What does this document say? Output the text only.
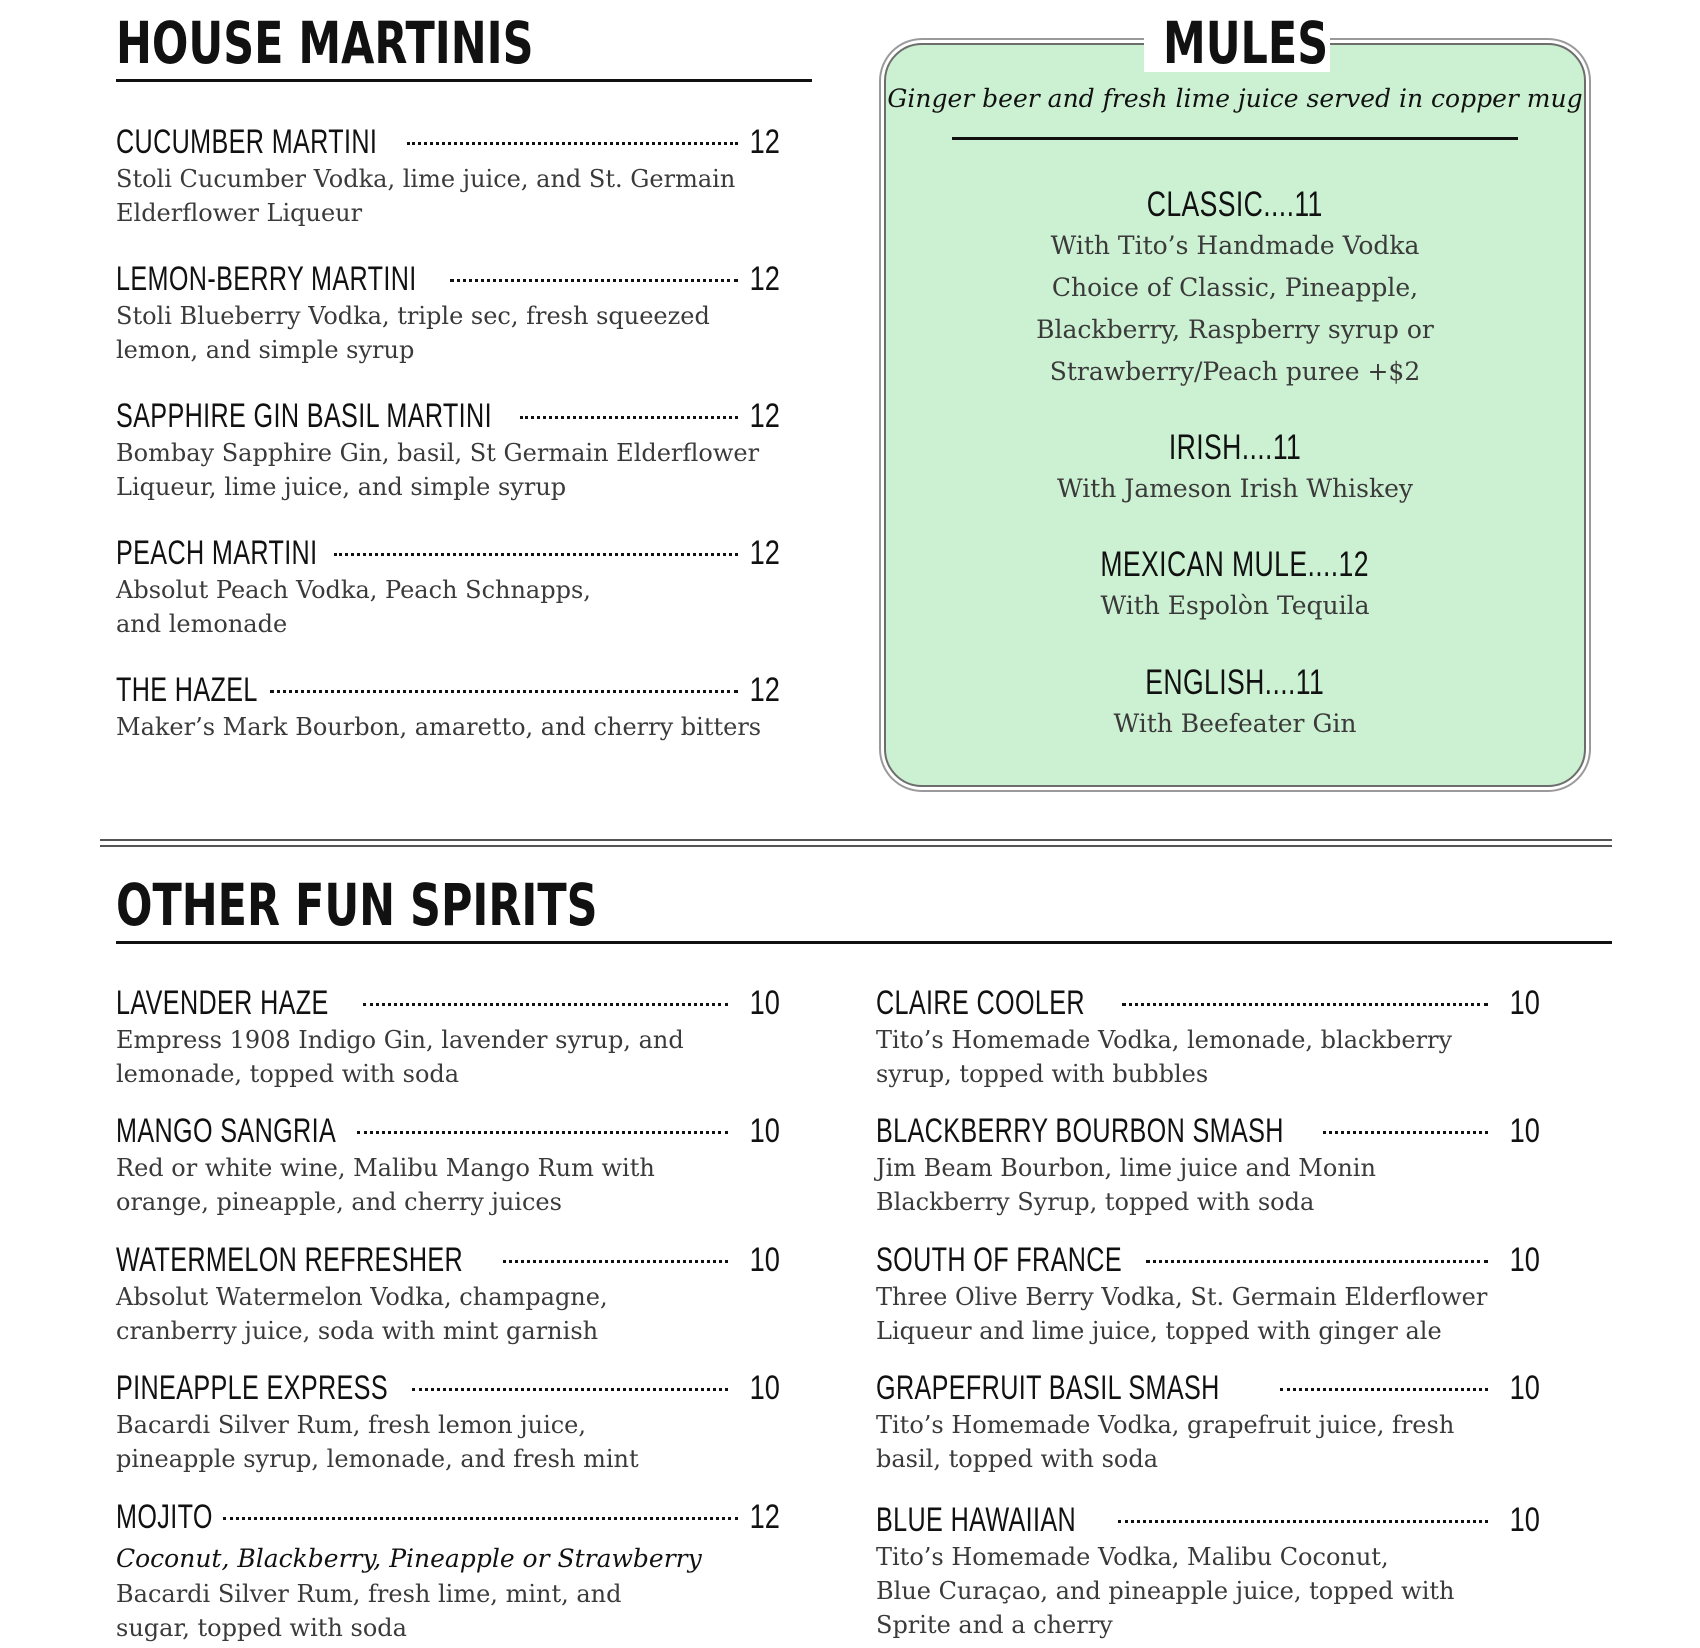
HOUSE MARTINIS
CUCUMBER MARTINI	12
Stoli Cucumber Vodka, lime juice, and St. Germain
Elderflower Liqueur
LEMON-BERRY MARTINI	12
Stoli Blueberry Vodka, triple sec, fresh squeezed
lemon, and simple syrup
SAPPHIRE GIN BASIL MARTINI	12
Bombay Sapphire Gin, basil, St Germain Elderflower
Liqueur, lime juice, and simple syrup
PEACH MARTINI	12
Absolut Peach Vodka, Peach Schnapps,
and lemonade
THE HAZEL	12
Maker’s Mark Bourbon, amaretto, and cherry bitters
MULES
Ginger beer and fresh lime juice served in copper mug
CLASSIC....11
With Tito’s Handmade Vodka
Choice of Classic, Pineapple,
Blackberry, Raspberry syrup or
Strawberry/Peach puree +$2
IRISH....11
With Jameson Irish Whiskey
MEXICAN MULE....12
With Espolòn Tequila
ENGLISH....11
With Beefeater Gin
OTHER FUN SPIRITS
LAVENDER HAZE	10
Empress 1908 Indigo Gin, lavender syrup, and
lemonade, topped with soda
MANGO SANGRIA	10
Red or white wine, Malibu Mango Rum with
orange, pineapple, and cherry juices
WATERMELON REFRESHER	10
Absolut Watermelon Vodka, champagne,
cranberry juice, soda with mint garnish
PINEAPPLE EXPRESS	10
Bacardi Silver Rum, fresh lemon juice,
pineapple syrup, lemonade, and fresh mint
MOJITO	12
Coconut, Blackberry, Pineapple or Strawberry
Bacardi Silver Rum, fresh lime, mint, and
sugar, topped with soda
CLAIRE COOLER	10
Tito’s Homemade Vodka, lemonade, blackberry
syrup, topped with bubbles
BLACKBERRY BOURBON SMASH	10
Jim Beam Bourbon, lime juice and Monin
Blackberry Syrup, topped with soda
SOUTH OF FRANCE	10
Three Olive Berry Vodka, St. Germain Elderflower
Liqueur and lime juice, topped with ginger ale
GRAPEFRUIT BASIL SMASH	10
Tito’s Homemade Vodka, grapefruit juice, fresh
basil, topped with soda
BLUE HAWAIIAN	10
Tito’s Homemade Vodka, Malibu Coconut,
Blue Curaçao, and pineapple juice, topped with
Sprite and a cherry
